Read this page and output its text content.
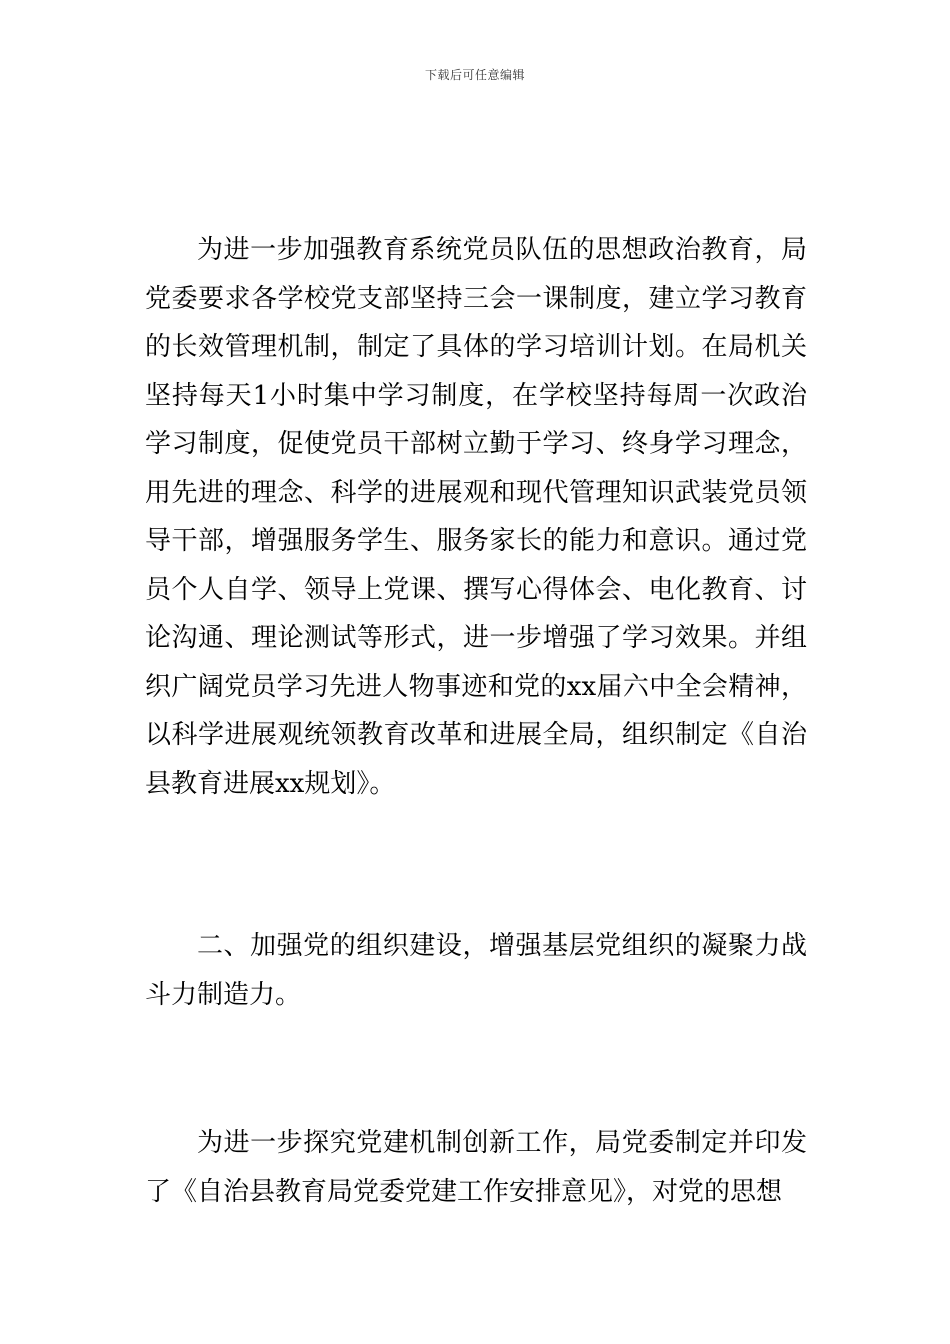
下载后可任意编辑

为进一步加强教育系统党员队伍的思想政治教育，局党委要求各学校党支部坚持三会一课制度，建立学习教育的长效管理机制，制定了具体的学习培训计划。在局机关坚持每天1小时集中学习制度，在学校坚持每周一次政治学习制度，促使党员干部树立勤于学习、终身学习理念，用先进的理念、科学的进展观和现代管理知识武装党员领导干部，增强服务学生、服务家长的能力和意识。通过党员个人自学、领导上党课、撰写心得体会、电化教育、讨论沟通、理论测试等形式，进一步增强了学习效果。并组织广阔党员学习先进人物事迹和党的xx届六中全会精神，以科学进展观统领教育改革和进展全局，组织制定《自治县教育进展xx规划》。

二、加强党的组织建设，增强基层党组织的凝聚力战斗力制造力。

为进一步探究党建机制创新工作，局党委制定并印发了《自治县教育局党委党建工作安排意见》，对党的思想
